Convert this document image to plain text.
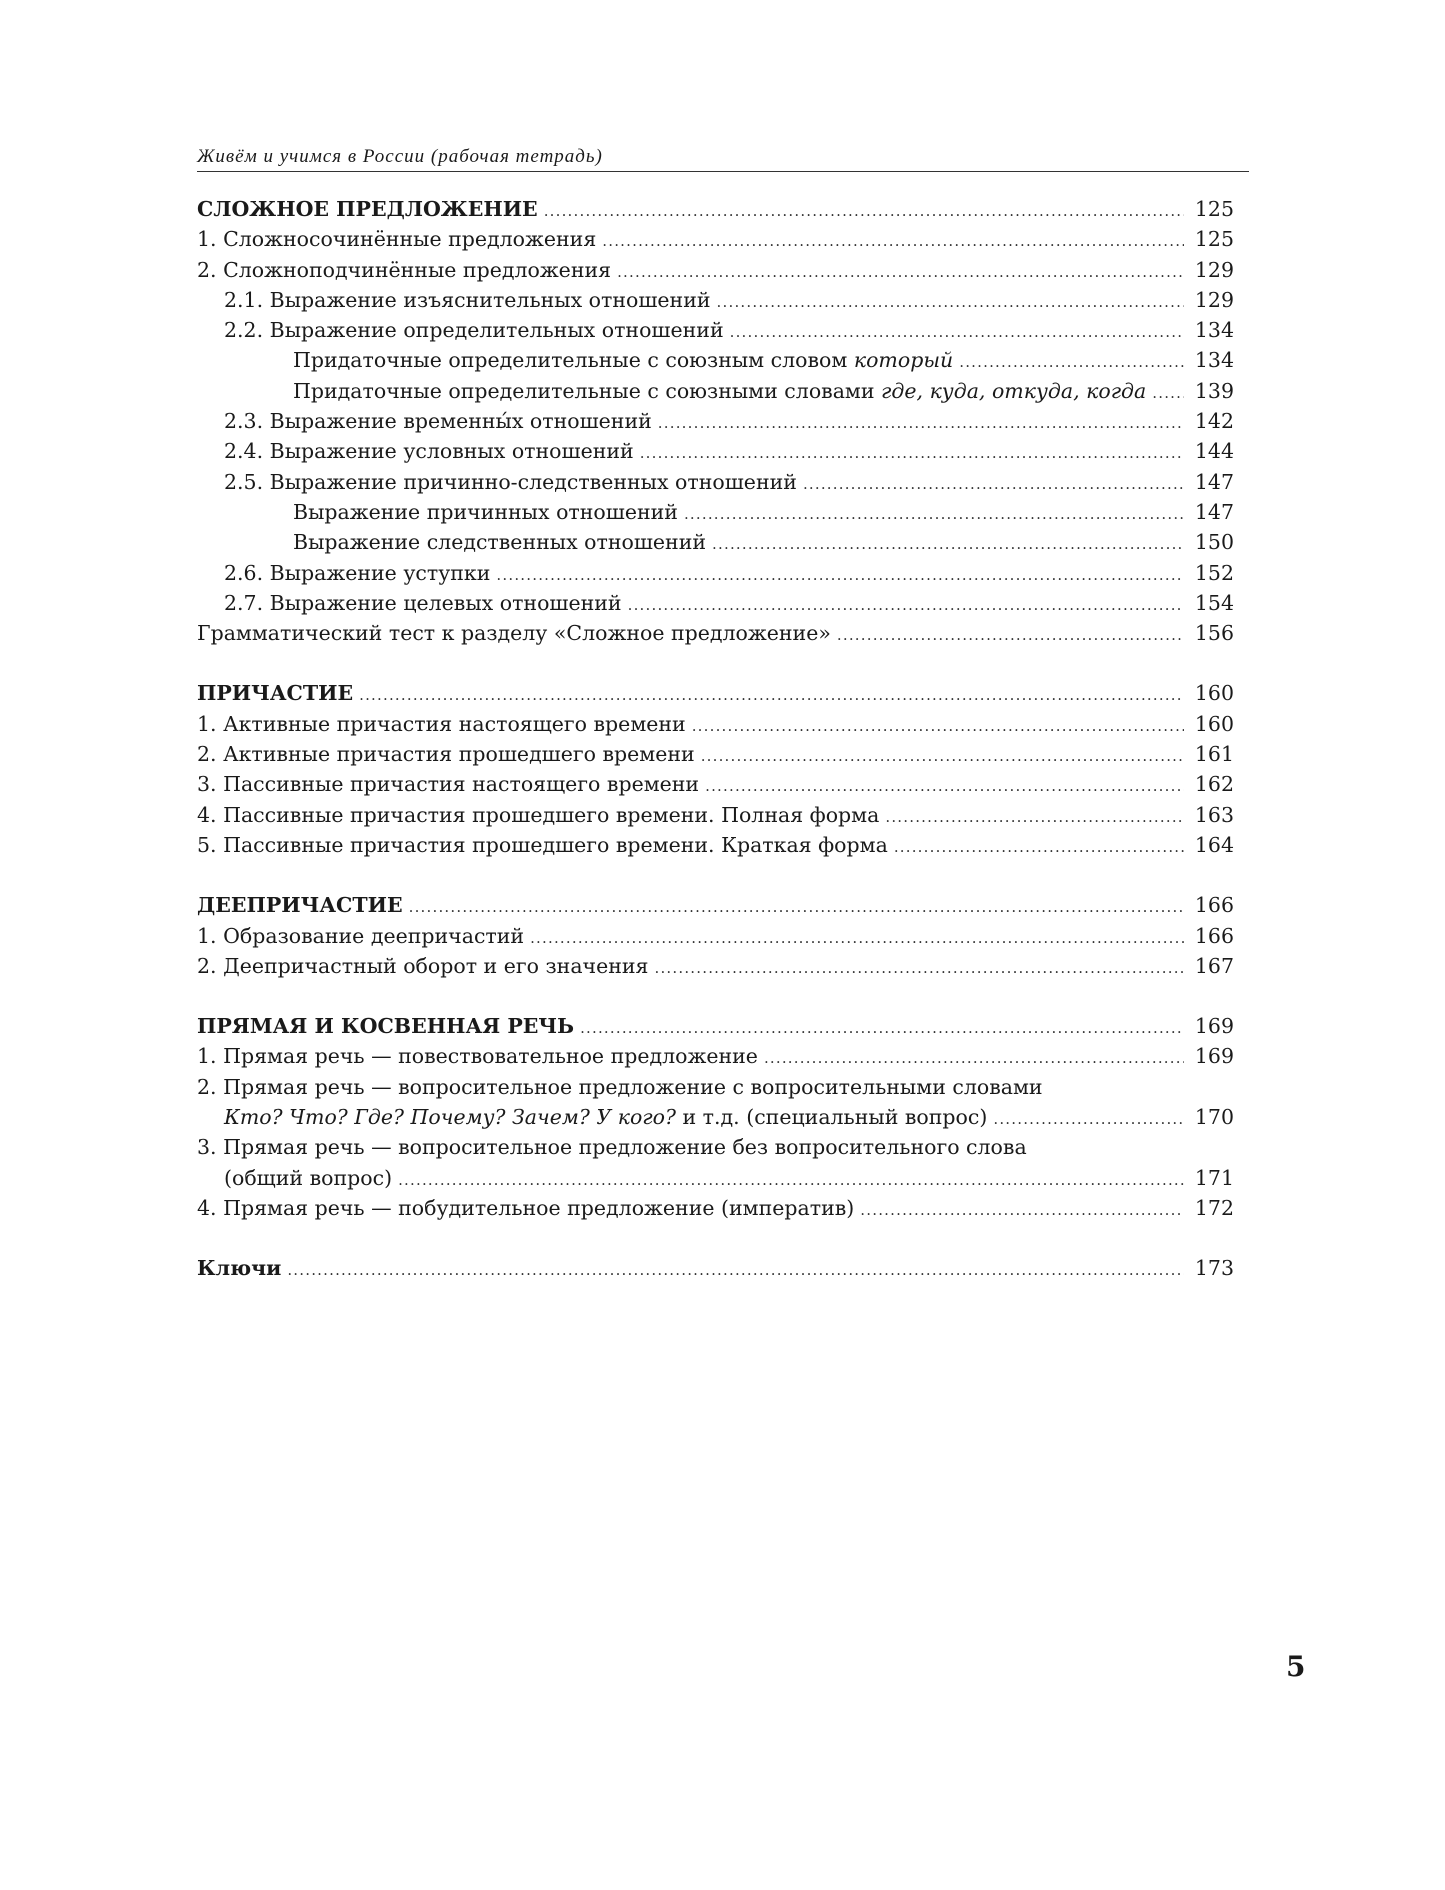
Живём и учимся в России (рабочая тетрадь)
СЛОЖНОЕ ПРЕДЛОЖЕНИЕ .....	125
1. Сложносочинённые предложения .....	125
2. Сложноподчинённые предложения .....	129
2.1. Выражение изъяснительных отношений .....	129
2.2. Выражение определительных отношений .....	134
Придаточные определительные с союзным словом который .....	134
Придаточные определительные с союзными словами где, куда, откуда, когда ..... 139
2.3. Выражение временны́х отношений .....	142
2.4. Выражение условных отношений .....	144
2.5. Выражение причинно-следственных отношений .....	147
Выражение причинных отношений .....	147
Выражение следственных отношений .....	150
2.6. Выражение уступки .....	152
2.7. Выражение целевых отношений .....	154
Грамматический тест к разделу «Сложное предложение» .....	156
ПРИЧАСТИЕ .....	160
1. Активные причастия настоящего времени .....	160
2. Активные причастия прошедшего времени .....	161
3. Пассивные причастия настоящего времени .....	162
4. Пассивные причастия прошедшего времени. Полная форма .....	163
5. Пассивные причастия прошедшего времени. Краткая форма .....	164
ДЕЕПРИЧАСТИЕ .....	166
1. Образование деепричастий .....	166
2. Деепричастный оборот и его значения .....	167
ПРЯМАЯ И КОСВЕННАЯ РЕЧЬ .....	169
1. Прямая речь — повествовательное предложение .....	169
2. Прямая речь — вопросительное предложение с вопросительными словами
Кто? Что? Где? Почему? Зачем? У кого? и т.д. (специальный вопрос) .....	170
3. Прямая речь — вопросительное предложение без вопросительного слова
(общий вопрос) .....	171
4. Прямая речь — побудительное предложение (императив) .....	172
Ключи .....	173
5
